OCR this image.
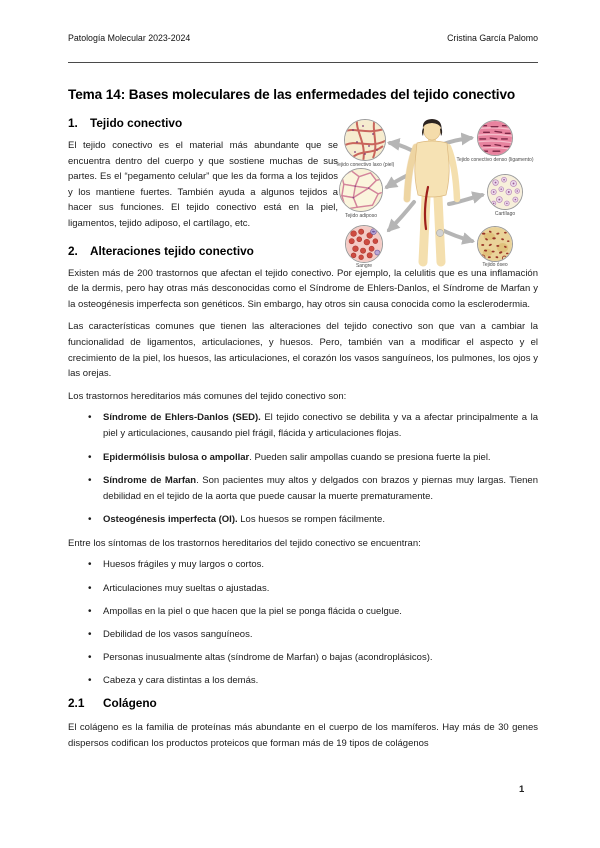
Patología Molecular 2023-2024	Cristina García Palomo
Tema 14: Bases moleculares de las enfermedades del tejido conectivo
1. Tejido conectivo

El tejido conectivo es el material más abundante que se encuentra dentro del cuerpo y que sostiene muchas de sus partes. Es el “pegamento celular” que les da forma a los tejidos y los mantiene fuertes. También ayuda a algunos tejidos a hacer sus funciones. El tejido conectivo está en la piel, ligamentos, tejido adiposo, el cartílago, etc.

Tejido conectivo laxo (piel)
Tejido conectivo denso (ligamento)
Tejido adiposo	Cartílago
Sangre	Tejido óseo
2. Alteraciones tejido conectivo

Existen más de 200 trastornos que afectan el tejido conectivo. Por ejemplo, la celulitis que es una inflamación de la dermis, pero hay otras más desconocidas como el Síndrome de Ehlers-Danlos, el Síndrome de Marfan y la osteogénesis imperfecta son genéticos. Sin embargo, hay otros sin causa conocida como la esclerodermia.

Las características comunes que tienen las alteraciones del tejido conectivo son que van a cambiar la funcionalidad de ligamentos, articulaciones, y huesos. Pero, también van a modificar el aspecto y el crecimiento de la piel, los huesos, las articulaciones, el corazón los vasos sanguíneos, los pulmones, los ojos y las orejas.

Los trastornos hereditarios más comunes del tejido conectivo son:

• Síndrome de Ehlers-Danlos (SED). El tejido conectivo se debilita y va a afectar principalmente a la piel y articulaciones, causando piel frágil, flácida y articulaciones flojas.
• Epidermólisis bulosa o ampollar. Pueden salir ampollas cuando se presiona fuerte la piel.
• Síndrome de Marfan. Son pacientes muy altos y delgados con brazos y piernas muy largas. Tienen debilidad en el tejido de la aorta que puede causar la muerte prematuramente.
• Osteogénesis imperfecta (OI). Los huesos se rompen fácilmente.

Entre los síntomas de los trastornos hereditarios del tejido conectivo se encuentran:

• Huesos frágiles y muy largos o cortos.
• Articulaciones muy sueltas o ajustadas.
• Ampollas en la piel o que hacen que la piel se ponga flácida o cuelgue.
• Debilidad de los vasos sanguíneos.
• Personas inusualmente altas (síndrome de Marfan) o bajas (acondroplásicos).
• Cabeza y cara distintas a los demás.
2.1 Colágeno

El colágeno es la familia de proteínas más abundante en el cuerpo de los mamíferos. Hay más de 30 genes dispersos codifican los productos proteicos que forman más de 19 tipos de colágenos

1
